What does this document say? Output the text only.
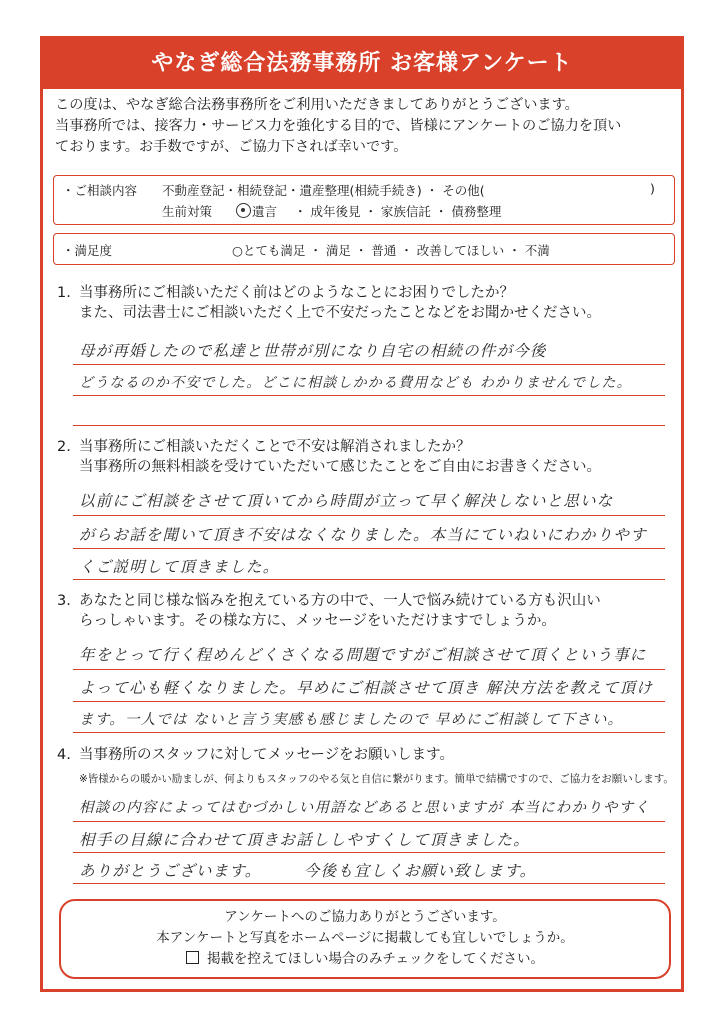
やなぎ総合法務事務所 お客様アンケート
この度は、やなぎ総合法務事務所をご利用いただきましてありがとうございます。
当事務所では、接客力・サービス力を強化する目的で、皆様にアンケートのご協力を頂い
ております。お手数ですが、ご協力下されば幸いです。
・ご相談内容 不動産登記・相続登記・遺産整理(相続手続き) ・ その他(	)
生前対策	遺言 ・ 成年後見 ・ 家族信託 ・ 債務整理
・満足度	○とても満足 ・ 満足 ・ 普通 ・ 改善してほしい ・ 不満
1. 当事務所にご相談いただく前はどのようなことにお困りでしたか？
また、司法書士にご相談いただく上で不安だったことなどをお聞かせください。
母が再婚したので私達と世帯が別になり自宅の相続の件が今後
どうなるのか不安でした。どこに相談しかかる費用なども わかりませんでした。
2. 当事務所にご相談いただくことで不安は解消されましたか？
当事務所の無料相談を受けていただいて感じたことをご自由にお書きください。
以前にご相談をさせて頂いてから時間が立って早く解決しないと思いな
がらお話を聞いて頂き不安はなくなりました。本当にていねいにわかりやす
くご説明して頂きました。
3. あなたと同じ様な悩みを抱えている方の中で、一人で悩み続けている方も沢山い
らっしゃいます。その様な方に、メッセージをいただけますでしょうか。
年をとって行く程めんどくさくなる問題ですがご相談させて頂くという事に
よって心も軽くなりました。早めにご相談させて頂き 解決方法を教えて頂け
ます。一人では ないと言う実感も感じましたので 早めにご相談して下さい。
4. 当事務所のスタッフに対してメッセージをお願いします。
※皆様からの暖かい励ましが、何よりもスタッフのやる気と自信に繋がります。簡単で結構ですので、ご協力をお願いします。
相談の内容によってはむづかしい用語などあると思いますが 本当にわかりやすく
相手の目線に合わせて頂きお話ししやすくして頂きました。
ありがとうございます。　　　今後も宜しくお願い致します。
アンケートへのご協力ありがとうございます。
本アンケートと写真をホームページに掲載しても宜しいでしょうか。
掲載を控えてほしい場合のみチェックをしてください。
